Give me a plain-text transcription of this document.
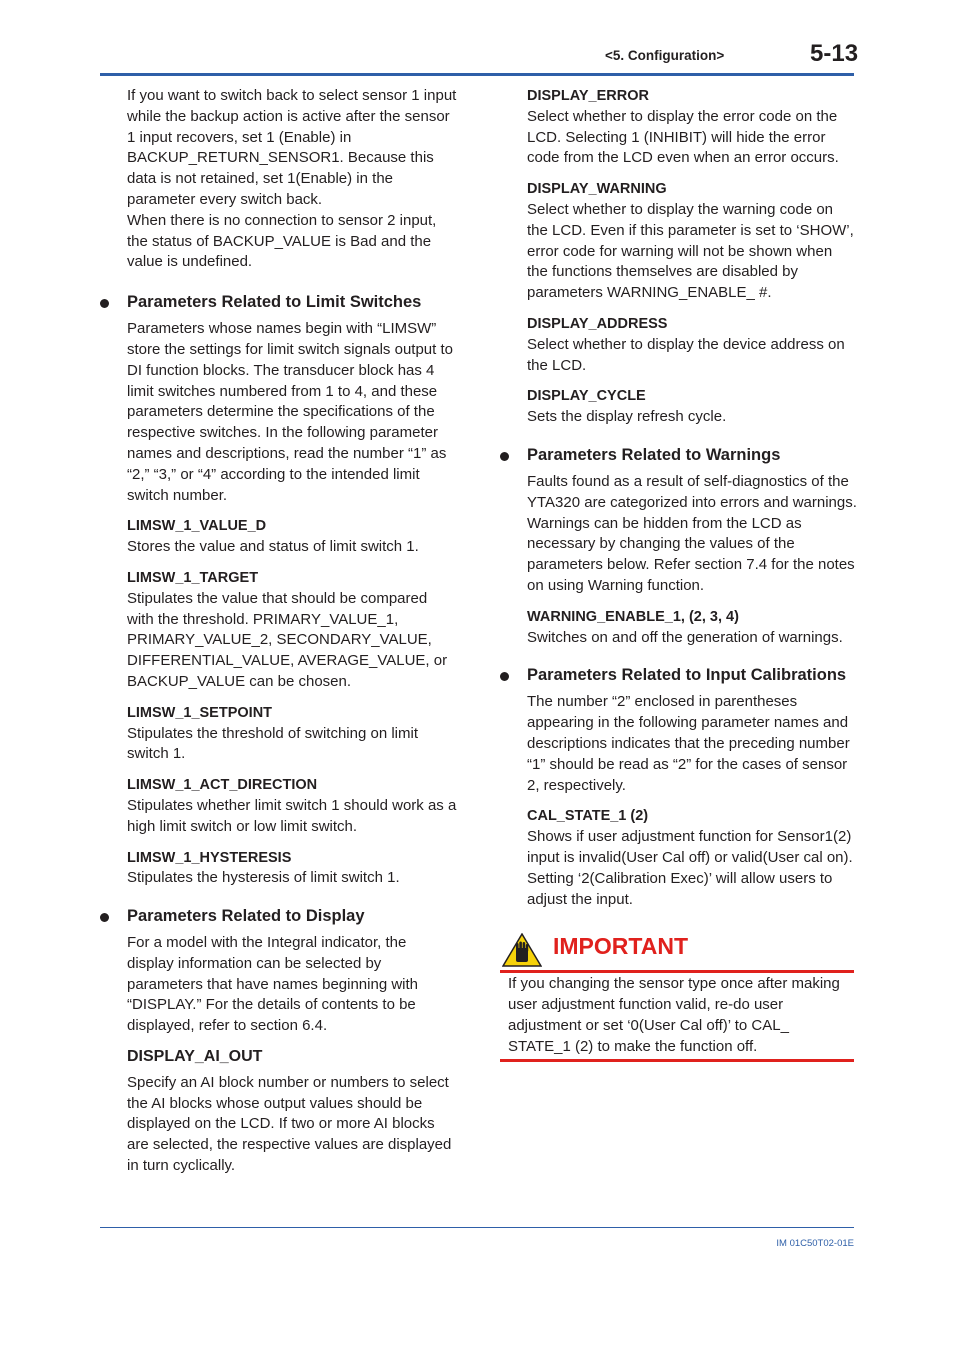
<5. Configuration>	5-13

If you want to switch back to select sensor 1 input while the backup action is active after the sensor 1 input recovers, set 1 (Enable) in BACKUP_RETURN_SENSOR1. Because this data is not retained, set 1(Enable) in the parameter every switch back.

When there is no connection to sensor 2 input, the status of BACKUP_VALUE is Bad and the value is undefined.

Parameters Related to Limit Switches

Parameters whose names begin with “LIMSW” store the settings for limit switch signals output to DI function blocks. The transducer block has 4 limit switches numbered from 1 to 4, and these parameters determine the specifications of the respective switches. In the following parameter names and descriptions, read the number “1” as “2,” “3,” or “4” according to the intended limit switch number.

LIMSW_1_VALUE_D

Stores the value and status of limit switch 1.

LIMSW_1_TARGET

Stipulates the value that should be compared with the threshold. PRIMARY_VALUE_1, PRIMARY_VALUE_2, SECONDARY_VALUE, DIFFERENTIAL_VALUE, AVERAGE_VALUE, or BACKUP_VALUE can be chosen.

LIMSW_1_SETPOINT

Stipulates the threshold of switching on limit switch 1.

LIMSW_1_ACT_DIRECTION

Stipulates whether limit switch 1 should work as a high limit switch or low limit switch.

LIMSW_1_HYSTERESIS

Stipulates the hysteresis of limit switch 1.

Parameters Related to Display

For a model with the Integral indicator, the display information can be selected by parameters that have names beginning with “DISPLAY.” For the details of contents to be displayed, refer to section 6.4.

DISPLAY_AI_OUT

Specify an AI block number or numbers to select the AI blocks whose output values should be displayed on the LCD. If two or more AI blocks are selected, the respective values are displayed in turn cyclically.

DISPLAY_ERROR

Select whether to display the error code on the LCD. Selecting 1 (INHIBIT) will hide the error code from the LCD even when an error occurs.

DISPLAY_WARNING

Select whether to display the warning code on the LCD. Even if this parameter is set to ‘SHOW’, error code for warning will not be shown when the functions themselves are disabled by parameters WARNING_ENABLE_ #.

DISPLAY_ADDRESS

Select whether to display the device address on the LCD.

DISPLAY_CYCLE

Sets the display refresh cycle.

Parameters Related to Warnings

Faults found as a result of self-diagnostics of the YTA320 are categorized into errors and warnings. Warnings can be hidden from the LCD as necessary by changing the values of the parameters below. Refer section 7.4 for the notes on using Warning function.

WARNING_ENABLE_1, (2, 3, 4)

Switches on and off the generation of warnings.

Parameters Related to Input Calibrations

The number “2” enclosed in parentheses appearing in the following parameter names and descriptions indicates that the preceding number “1” should be read as “2” for the cases of sensor 2, respectively.

CAL_STATE_1 (2)

Shows if user adjustment function for Sensor1(2) input is invalid(User Cal off) or valid(User cal on). Setting ‘2(Calibration Exec)’ will allow users to adjust the input.

IMPORTANT
If you changing the sensor type once after making user adjustment function valid, re-do user adjustment or set ‘0(User Cal off)’ to CAL_ STATE_1 (2) to make the function off.
IM 01C50T02-01E
